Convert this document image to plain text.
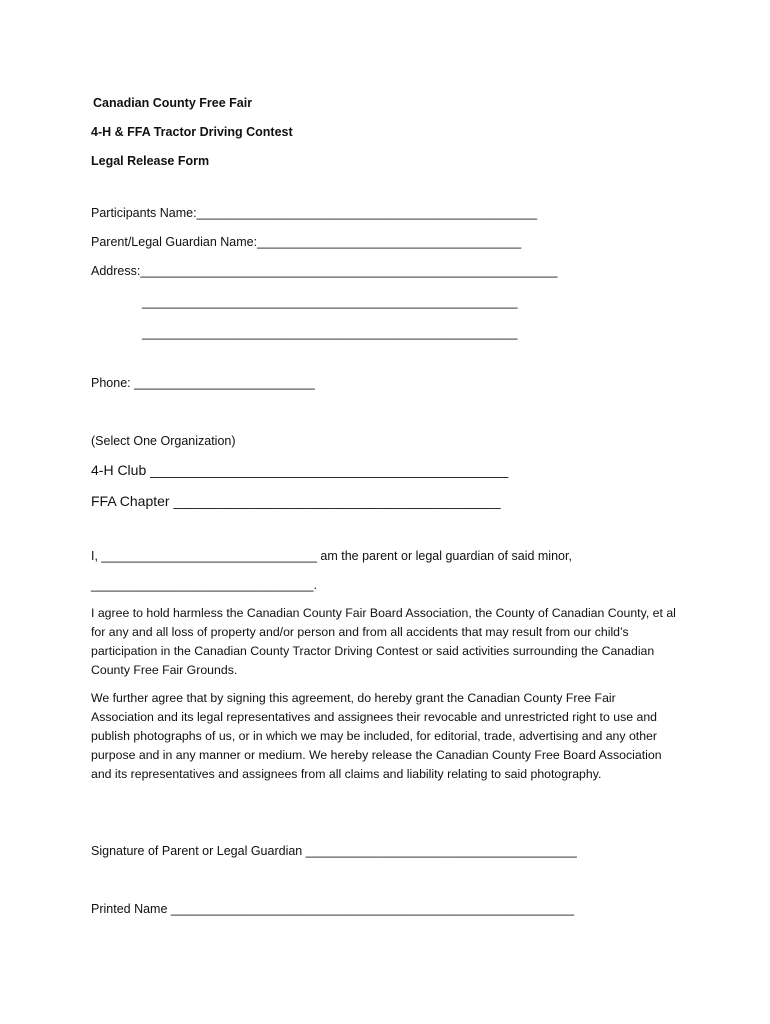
Canadian County Free Fair
4-H & FFA Tractor Driving Contest
Legal Release Form
Participants Name:_________________________________________________
Parent/Legal Guardian Name:______________________________________
Address:____________________________________________________________
______________________________________________________
______________________________________________________
Phone: __________________________
(Select One Organization)
4-H Club ______________________________________________
FFA Chapter __________________________________________
I, _______________________________ am the parent or legal guardian of said minor,
________________________________.
I agree to hold harmless the Canadian County Fair Board Association, the County of Canadian County, et al for any and all loss of property and/or person and from all accidents that may result from our child’s participation in the Canadian County Tractor Driving Contest or said activities surrounding the Canadian County Free Fair Grounds.
We further agree that by signing this agreement, do hereby grant the Canadian County Free Fair Association and its legal representatives and assignees their revocable and unrestricted right to use and publish photographs of us, or in which we may be included, for editorial, trade, advertising and any other purpose and in any manner or medium. We hereby release the Canadian County Free Board Association and its representatives and assignees from all claims and liability relating to said photography.
Signature of Parent or Legal Guardian _______________________________________
Printed Name __________________________________________________________
